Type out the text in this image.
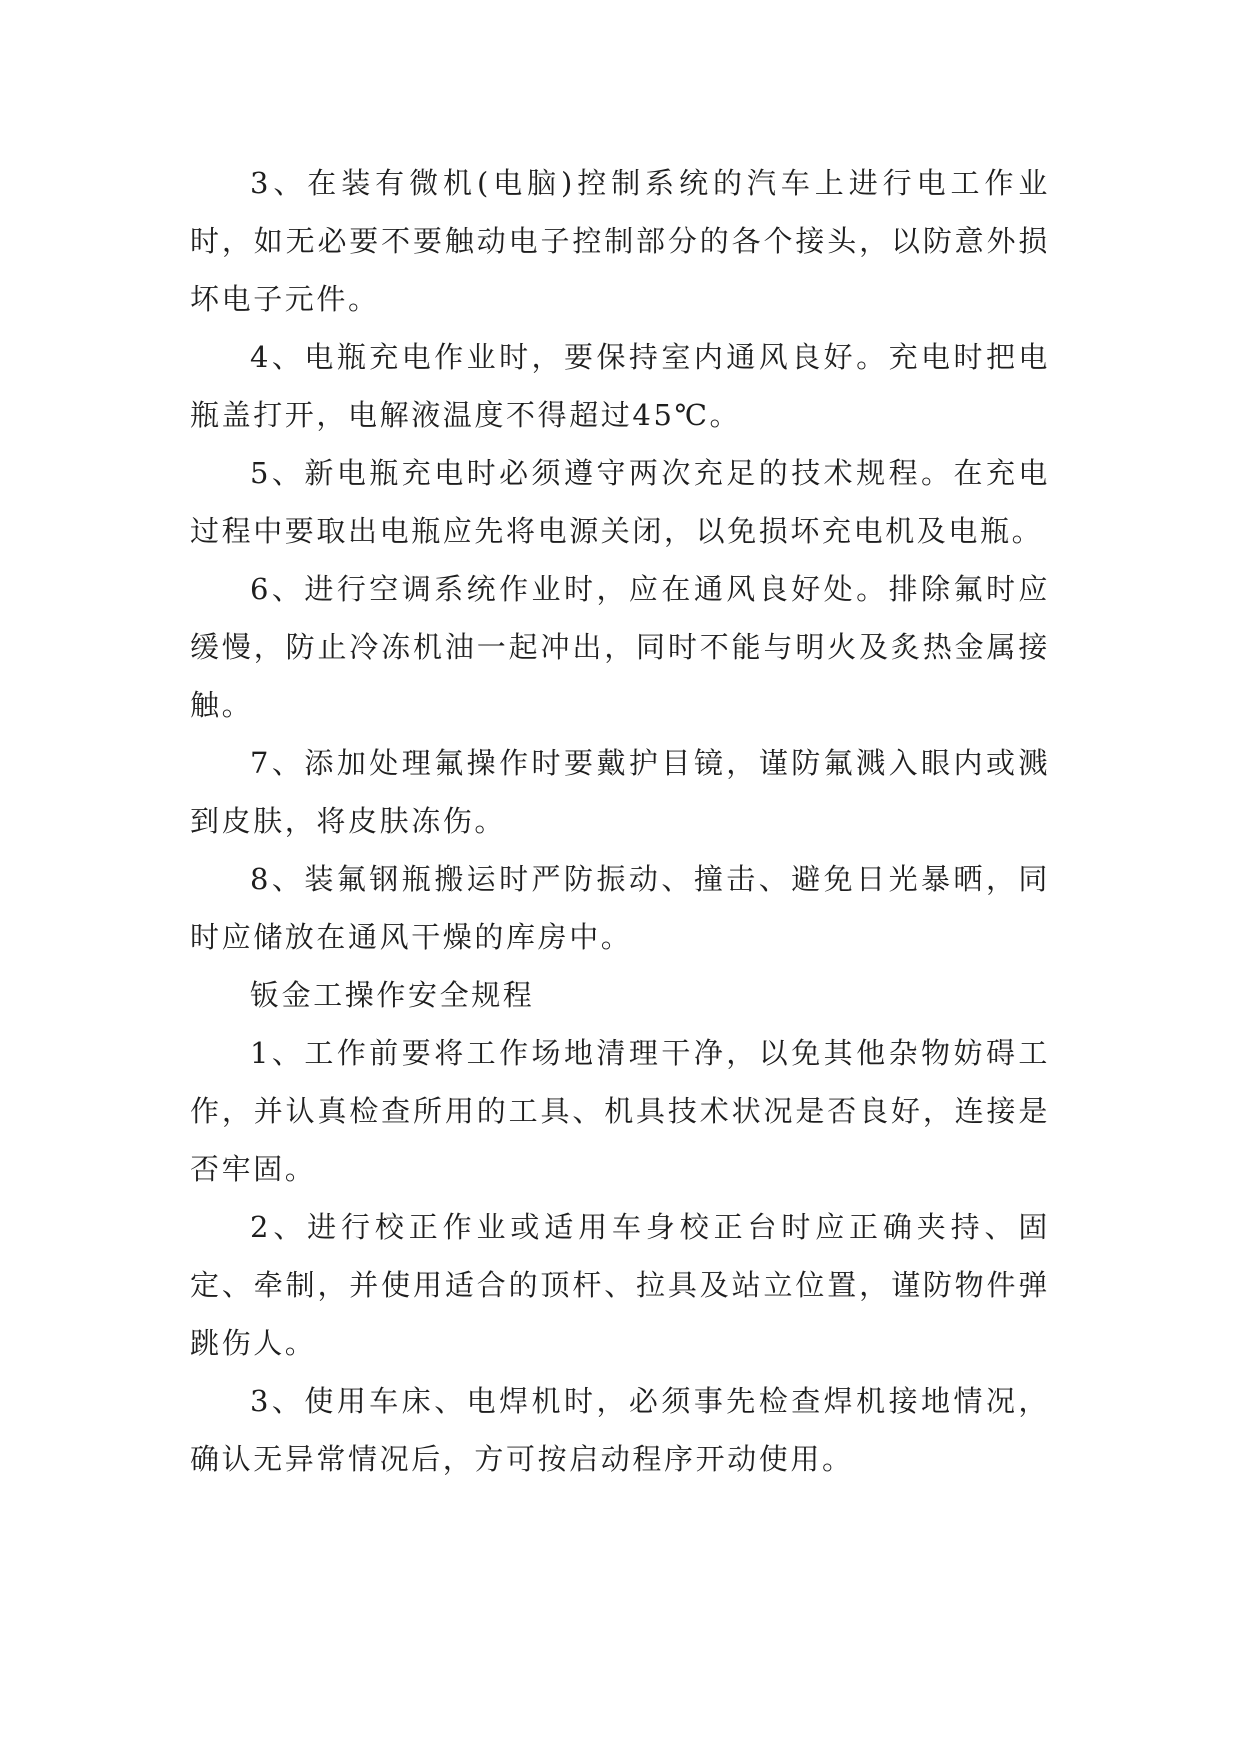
3、在装有微机(电脑)控制系统的汽车上进行电工作业时，如无必要不要触动电子控制部分的各个接头，以防意外损坏电子元件。

4、电瓶充电作业时，要保持室内通风良好。充电时把电瓶盖打开，电解液温度不得超过45℃。

5、新电瓶充电时必须遵守两次充足的技术规程。在充电过程中要取出电瓶应先将电源关闭，以免损坏充电机及电瓶。

6、进行空调系统作业时，应在通风良好处。排除氟时应缓慢，防止冷冻机油一起冲出，同时不能与明火及炙热金属接触。

7、添加处理氟操作时要戴护目镜，谨防氟溅入眼内或溅到皮肤，将皮肤冻伤。

8、装氟钢瓶搬运时严防振动、撞击、避免日光暴晒，同时应储放在通风干燥的库房中。

钣金工操作安全规程

1、工作前要将工作场地清理干净，以免其他杂物妨碍工作，并认真检查所用的工具、机具技术状况是否良好，连接是否牢固。

2、进行校正作业或适用车身校正台时应正确夹持、固定、牵制，并使用适合的顶杆、拉具及站立位置，谨防物件弹跳伤人。

3、使用车床、电焊机时，必须事先检查焊机接地情况，确认无异常情况后，方可按启动程序开动使用。
